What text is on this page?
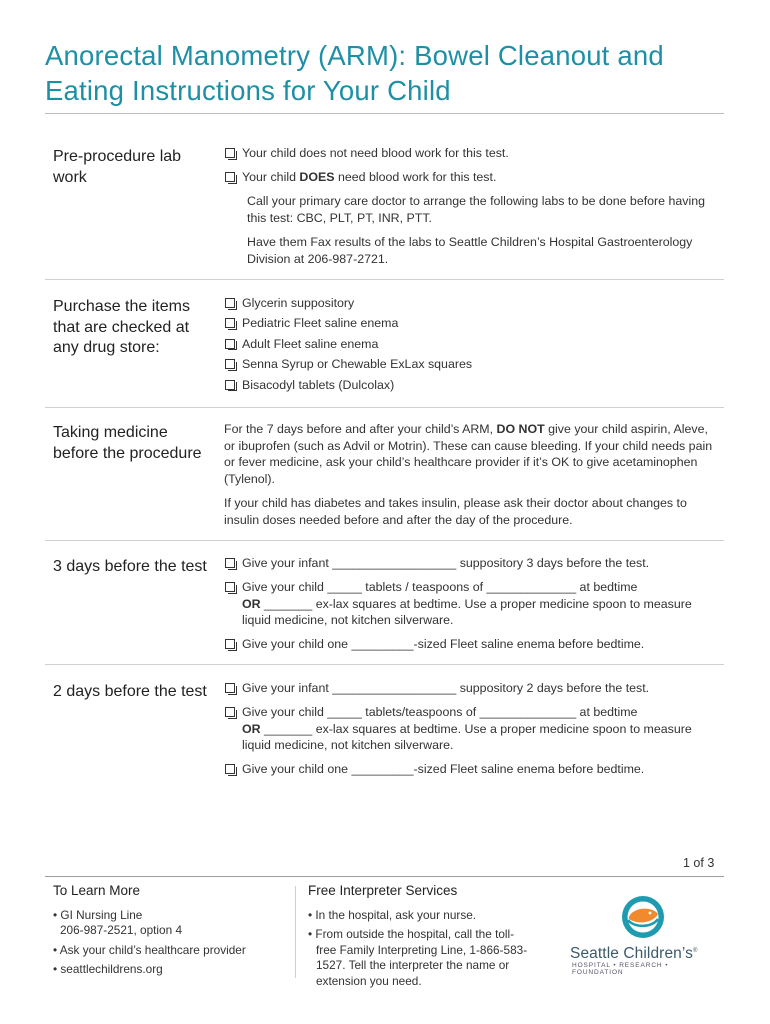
Anorectal Manometry (ARM): Bowel Cleanout and Eating Instructions for Your Child
Pre-procedure lab work
Your child does not need blood work for this test.
Your child DOES need blood work for this test.
Call your primary care doctor to arrange the following labs to be done before having this test: CBC, PLT, PT, INR, PTT.
Have them Fax results of the labs to Seattle Children’s Hospital Gastroenterology Division at 206-987-2721.
Purchase the items that are checked at any drug store:
Glycerin suppository
Pediatric Fleet saline enema
Adult Fleet saline enema
Senna Syrup or Chewable ExLax squares
Bisacodyl tablets (Dulcolax)
Taking medicine before the procedure
For the 7 days before and after your child’s ARM, DO NOT give your child aspirin, Aleve, or ibuprofen (such as Advil or Motrin). These can cause bleeding. If your child needs pain or fever medicine, ask your child’s healthcare provider if it’s OK to give acetaminophen (Tylenol).
If your child has diabetes and takes insulin, please ask their doctor about changes to insulin doses needed before and after the day of the procedure.
3 days before the test	Give your infant __________________ suppository 3 days before the test.
Give your child _____ tablets / teaspoons of _____________ at bedtime
OR _______ ex-lax squares at bedtime. Use a proper medicine spoon to measure liquid medicine, not kitchen silverware.
Give your child one _________-sized Fleet saline enema before bedtime.
2 days before the test	Give your infant __________________ suppository 2 days before the test.
Give your child _____ tablets/teaspoons of ______________ at bedtime
OR _______ ex-lax squares at bedtime. Use a proper medicine spoon to measure liquid medicine, not kitchen silverware.
Give your child one _________-sized Fleet saline enema before bedtime.
1 of 3
To Learn More

• GI Nursing Line
206-987-2521, option 4

• Ask your child’s healthcare provider

• seattlechildrens.org

Free Interpreter Services

• In the hospital, ask your nurse.

• From outside the hospital, call the toll-free Family Interpreting Line, 1-866-583-1527. Tell the interpreter the name or extension you need.

Seattle Children’s®
HOSPITAL • RESEARCH • FOUNDATION
